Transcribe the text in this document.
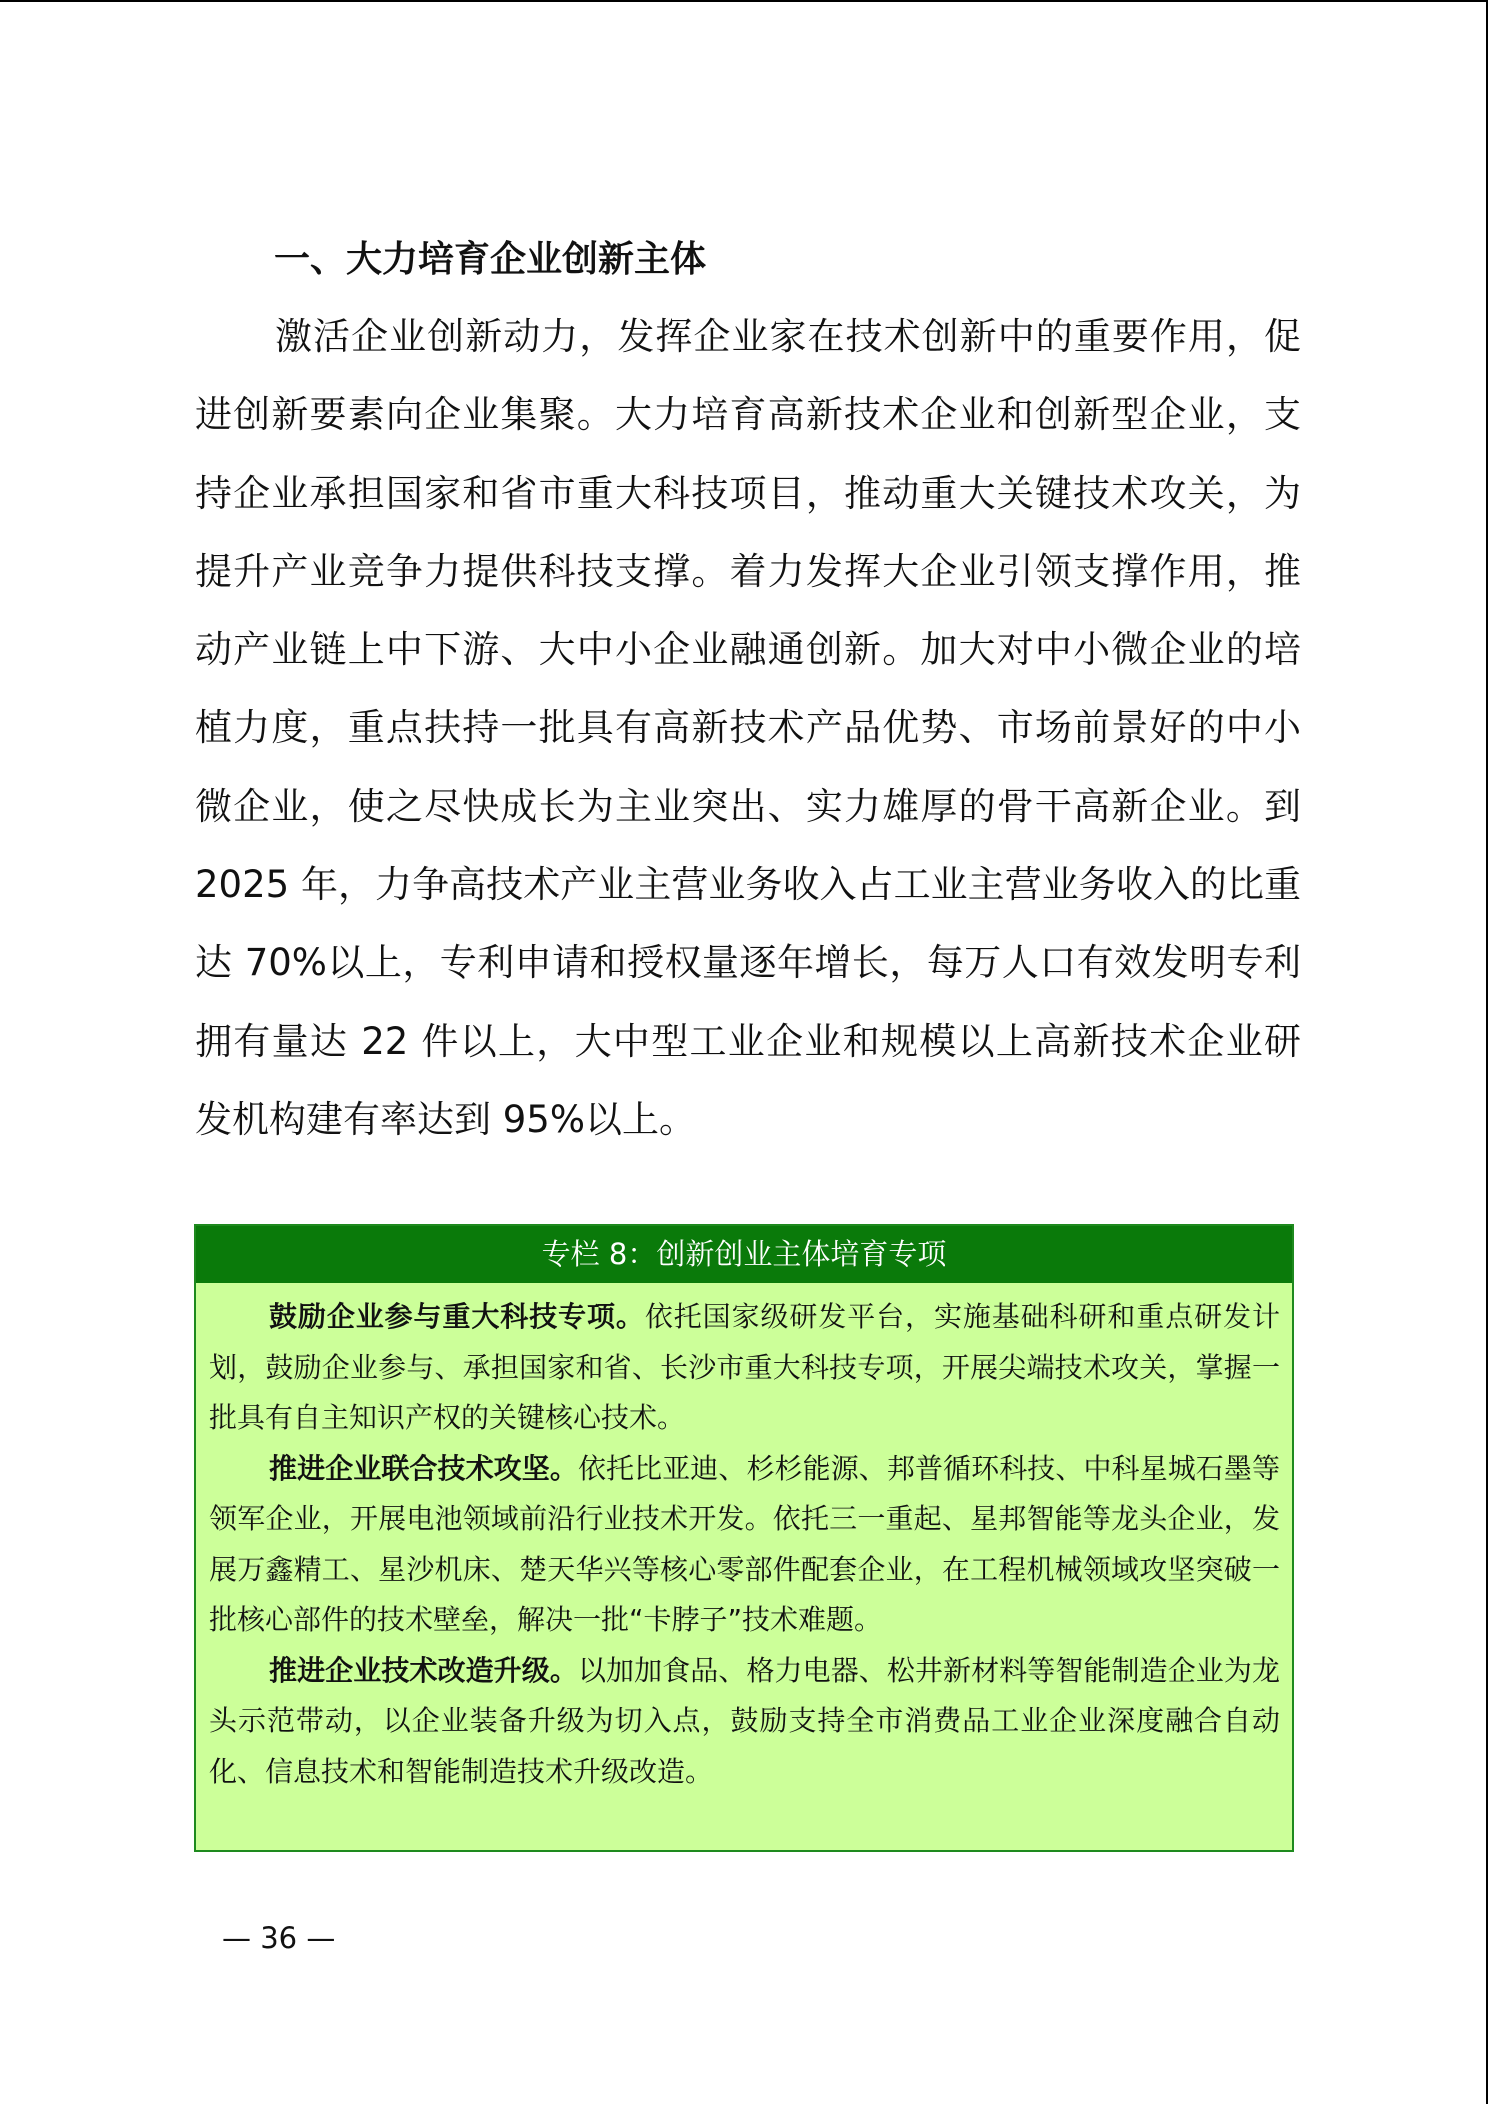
一、大力培育企业创新主体

激活企业创新动力，发挥企业家在技术创新中的重要作用，促进创新要素向企业集聚。大力培育高新技术企业和创新型企业，支持企业承担国家和省市重大科技项目，推动重大关键技术攻关，为提升产业竞争力提供科技支撑。着力发挥大企业引领支撑作用，推动产业链上中下游、大中小企业融通创新。加大对中小微企业的培植力度，重点扶持一批具有高新技术产品优势、市场前景好的中小微企业，使之尽快成长为主业突出、实力雄厚的骨干高新企业。到 2025 年，力争高技术产业主营业务收入占工业主营业务收入的比重达 70%以上，专利申请和授权量逐年增长，每万人口有效发明专利拥有量达 22 件以上，大中型工业企业和规模以上高新技术企业研发机构建有率达到 95%以上。

专栏 8：创新创业主体培育专项

鼓励企业参与重大科技专项。依托国家级研发平台，实施基础科研和重点研发计划，鼓励企业参与、承担国家和省、长沙市重大科技专项，开展尖端技术攻关，掌握一批具有自主知识产权的关键核心技术。

推进企业联合技术攻坚。依托比亚迪、杉杉能源、邦普循环科技、中科星城石墨等领军企业，开展电池领域前沿行业技术开发。依托三一重起、星邦智能等龙头企业，发展万鑫精工、星沙机床、楚天华兴等核心零部件配套企业，在工程机械领域攻坚突破一批核心部件的技术壁垒，解决一批“卡脖子”技术难题。

推进企业技术改造升级。以加加食品、格力电器、松井新材料等智能制造企业为龙头示范带动，以企业装备升级为切入点，鼓励支持全市消费品工业企业深度融合自动化、信息技术和智能制造技术升级改造。

— 36 —
